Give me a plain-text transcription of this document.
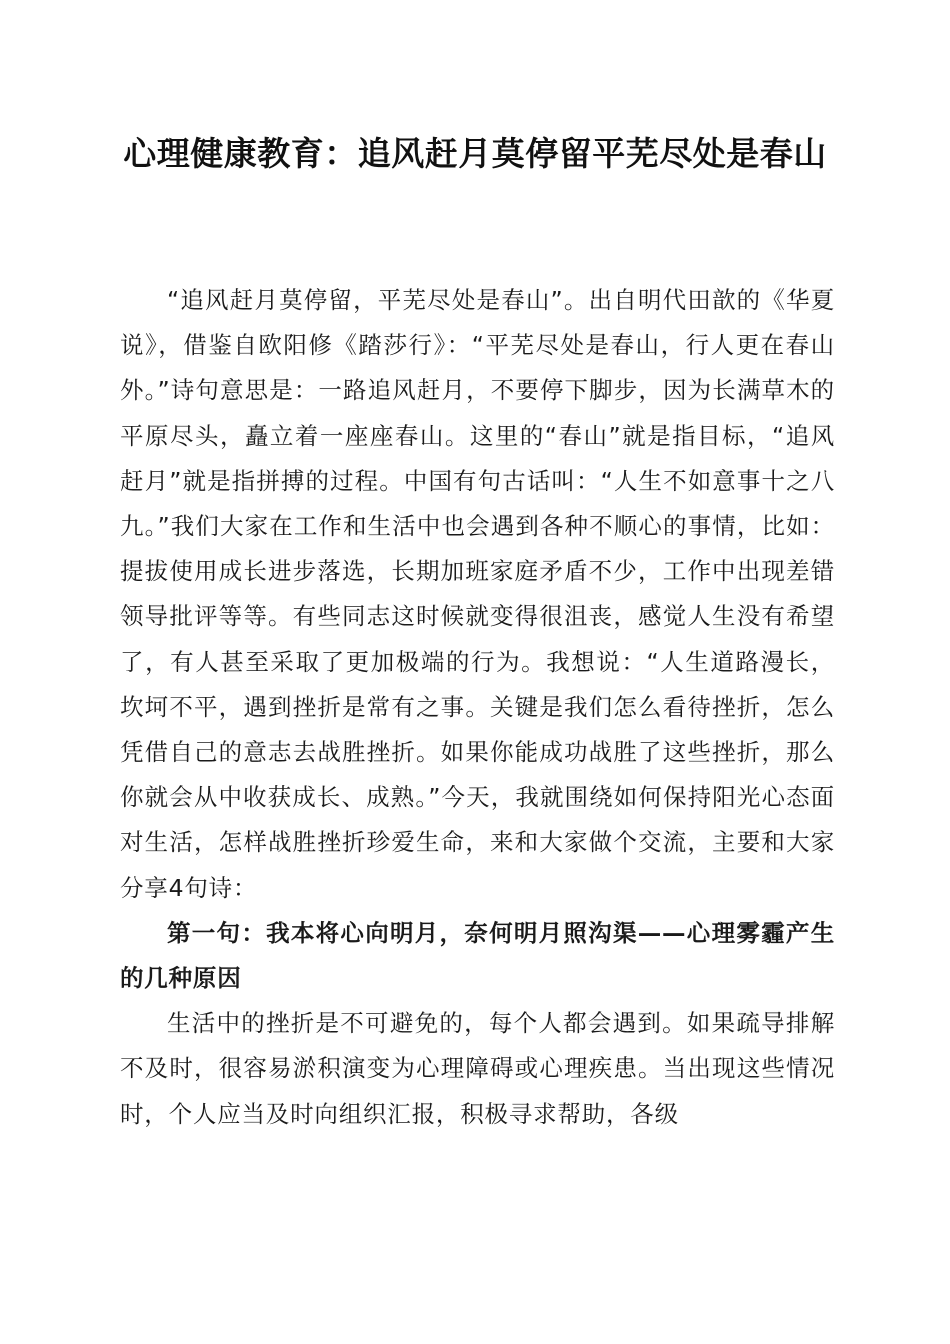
心理健康教育：追风赶月莫停留平芜尽处是春山

“追风赶月莫停留，平芜尽处是春山”。出自明代田歆的《华夏说》，借鉴自欧阳修《踏莎行》：“平芜尽处是春山，行人更在春山外。”诗句意思是：一路追风赶月，不要停下脚步，因为长满草木的平原尽头，矗立着一座座春山。这里的“春山”就是指目标，“追风赶月”就是指拼搏的过程。中国有句古话叫：“人生不如意事十之八九。”我们大家在工作和生活中也会遇到各种不顺心的事情，比如：提拔使用成长进步落选，长期加班家庭矛盾不少，工作中出现差错领导批评等等。有些同志这时候就变得很沮丧，感觉人生没有希望了，有人甚至采取了更加极端的行为。我想说：“人生道路漫长，坎坷不平，遇到挫折是常有之事。关键是我们怎么看待挫折，怎么凭借自己的意志去战胜挫折。如果你能成功战胜了这些挫折，那么你就会从中收获成长、成熟。”今天，我就围绕如何保持阳光心态面对生活，怎样战胜挫折珍爱生命，来和大家做个交流，主要和大家分享4句诗：

第一句：我本将心向明月，奈何明月照沟渠——心理雾霾产生的几种原因

生活中的挫折是不可避免的，每个人都会遇到。如果疏导排解不及时，很容易淤积演变为心理障碍或心理疾患。当出现这些情况时，个人应当及时向组织汇报，积极寻求帮助，各级
